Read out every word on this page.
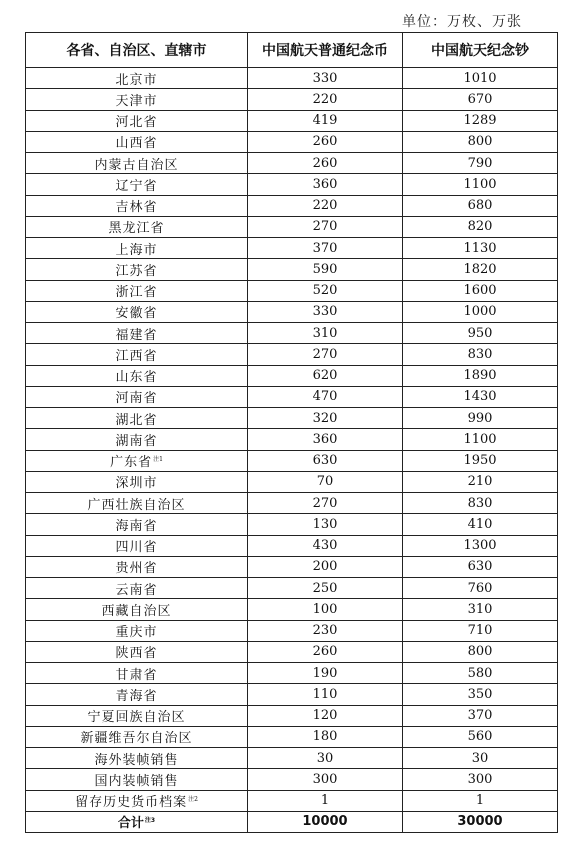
单位：万枚、万张
各省、自治区、直辖市	中国航天普通纪念币	中国航天纪念钞
北京市	330	1010
天津市	220	670
河北省	419	1289
山西省	260	800
内蒙古自治区	260	790
辽宁省	360	1100
吉林省	220	680
黑龙江省	270	820
上海市	370	1130
江苏省	590	1820
浙江省	520	1600
安徽省	330	1000
福建省	310	950
江西省	270	830
山东省	620	1890
河南省	470	1430
湖北省	320	990
湖南省	360	1100
广东省$^{注1}$	630	1950
深圳市	70	210
广西壮族自治区	270	830
海南省	130	410
四川省	430	1300
贵州省	200	630
云南省	250	760
西藏自治区	100	310
重庆市	230	710
陕西省	260	800
甘肃省	190	580
青海省	110	350
宁夏回族自治区	120	370
新疆维吾尔自治区	180	560
海外装帧销售	30	30
国内装帧销售	300	300
留存历史货币档案$^{注2}$	1	1
合计$^{注3}$	10000	30000
